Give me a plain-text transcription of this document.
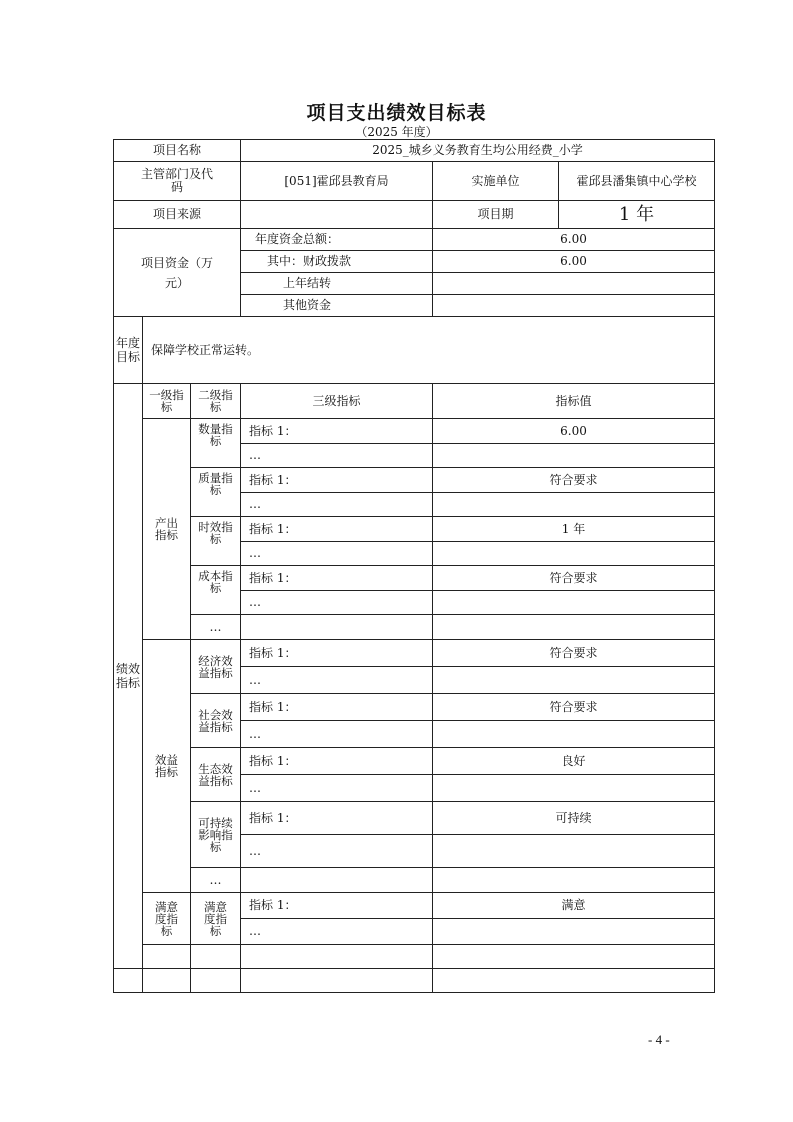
项目支出绩效目标表
（2025 年度）
项目名称			2025_城乡义务教育生均公用经费_小学		
主管部门及代码			[051]霍邱县教育局	实施单位 霍邱县潘集镇中心学校	

项目来源				项目期 1 年	

项目资金（万元）			年度资金总额：	6.00	
			其中：财政拨款	6.00	
			上年结转		
			其他资金		
年度目标	保障学校正常运转。				
绩效指标	一级指标	二级指标	三级指标	指标值	
	产出指标	数量指标	指标 1：	6.00	
			…		
		质量指标	指标 1：	符合要求	
			…		
		时效指标	指标 1：	1 年	
			…		
		成本指标	指标 1：	符合要求	
			…		
		…			
	效益指标	经济效益指标	指标 1：	符合要求	
			…		
		社会效益指标	指标 1：	符合要求	
			…		
		生态效益指标	指标 1：	良好	
			…		
		可持续影响指标	指标 1：	可持续	
			…		
		…			
	满意度指标	满意度指标	指标 1：	满意	
			…		

- 4 -
